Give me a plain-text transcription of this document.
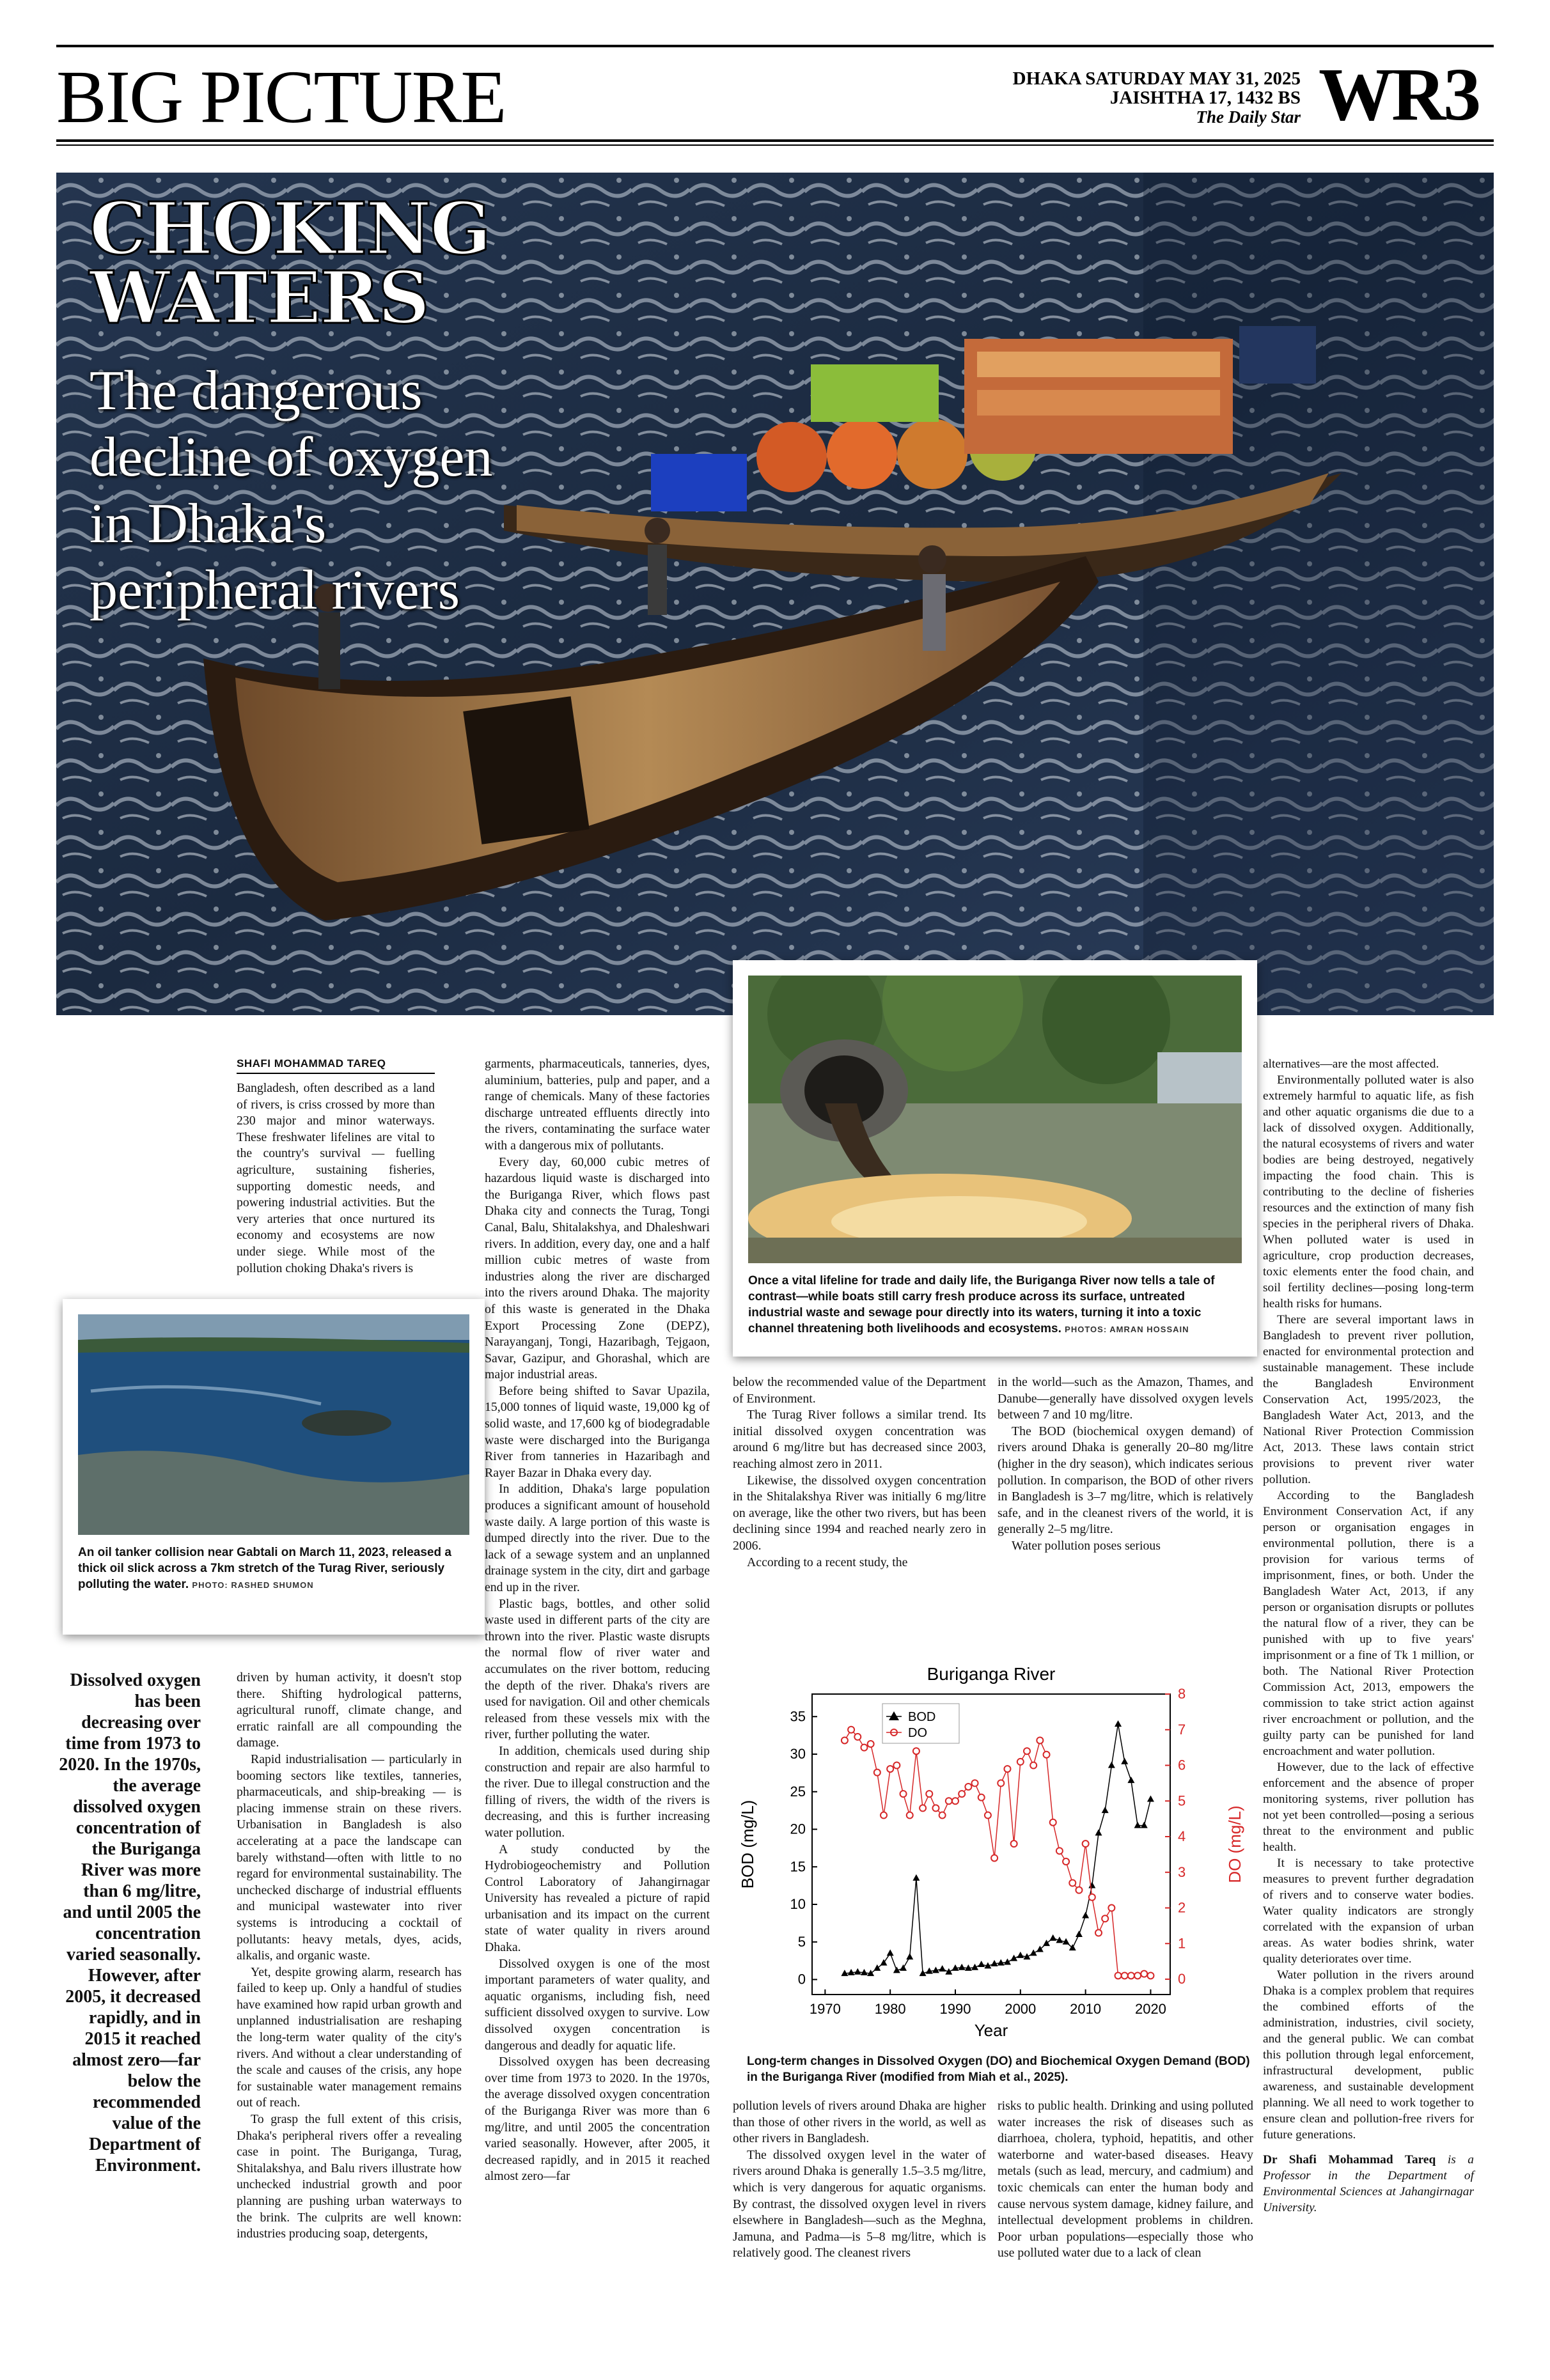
BIG PICTURE	DHAKA SATURDAY MAY 31, 2025
JAISHTHA 17, 1432 BS
The Daily Star WR3
CHOKING
WATERS
The dangerous decline of oxygen in Dhaka's peripheral rivers
Once a vital lifeline for trade and daily life, the Buriganga River now tells a tale of contrast—while boats still carry fresh produce across its surface, untreated industrial waste and sewage pour directly into its waters, turning it into a toxic channel threatening both livelihoods and ecosystems. PHOTOS: AMRAN HOSSAIN
An oil tanker collision near Gabtali on March 11, 2023, released a thick oil slick across a 7km stretch of the Turag River, seriously polluting the water. PHOTO: RASHED SHUMON
SHAFI MOHAMMAD TAREQ

Bangladesh, often described as a land of rivers, is criss crossed by more than 230 major and minor waterways. These freshwater lifelines are vital to the country's survival — fuelling agriculture, sustaining fisheries, supporting domestic needs, and powering industrial activities. But the very arteries that once nurtured its economy and ecosystems are now under siege. While most of the pollution choking Dhaka's rivers is

Dissolved oxygen has been decreasing over time from 1973 to 2020. In the 1970s, the average dissolved oxygen concentration of the Buriganga River was more than 6 mg/litre, and until 2005 the concentration varied seasonally. However, after 2005, it decreased rapidly, and in 2015 it reached almost zero—far below the recommended value of the Department of Environment.

driven by human activity, it doesn't stop there. Shifting hydrological patterns, agricultural runoff, climate change, and erratic rainfall are all compounding the damage.

Rapid industrialisation — particularly in booming sectors like textiles, tanneries, pharmaceuticals, and ship-breaking — is placing immense strain on these rivers. Urbanisation in Bangladesh is also accelerating at a pace the landscape can barely withstand—often with little to no regard for environmental sustainability. The unchecked discharge of industrial effluents and municipal wastewater into river systems is introducing a cocktail of pollutants: heavy metals, dyes, acids, alkalis, and organic waste.

Yet, despite growing alarm, research has failed to keep up. Only a handful of studies have examined how rapid urban growth and unplanned industrialisation are reshaping the long-term water quality of the city's rivers. And without a clear understanding of the scale and causes of the crisis, any hope for sustainable water management remains out of reach.

To grasp the full extent of this crisis, Dhaka's peripheral rivers offer a revealing case in point. The Buriganga, Turag, Shitalakshya, and Balu rivers illustrate how unchecked industrial growth and poor planning are pushing urban waterways to the brink. The culprits are well known: industries producing soap, detergents,

garments, pharmaceuticals, tanneries, dyes, aluminium, batteries, pulp and paper, and a range of chemicals. Many of these factories discharge untreated effluents directly into the rivers, contaminating the surface water with a dangerous mix of pollutants.

Every day, 60,000 cubic metres of hazardous liquid waste is discharged into the Buriganga River, which flows past Dhaka city and connects the Turag, Tongi Canal, Balu, Shitalakshya, and Dhaleshwari rivers. In addition, every day, one and a half million cubic metres of waste from industries along the river are discharged into the rivers around Dhaka. The majority of this waste is generated in the Dhaka Export Processing Zone (DEPZ), Narayanganj, Tongi, Hazaribagh, Tejgaon, Savar, Gazipur, and Ghorashal, which are major industrial areas.

Before being shifted to Savar Upazila, 15,000 tonnes of liquid waste, 19,000 kg of solid waste, and 17,600 kg of biodegradable waste were discharged into the Buriganga River from tanneries in Hazaribagh and Rayer Bazar in Dhaka every day.

In addition, Dhaka's large population produces a significant amount of household waste daily. A large portion of this waste is dumped directly into the river. Due to the lack of a sewage system and an unplanned drainage system in the city, dirt and garbage end up in the river.

Plastic bags, bottles, and other solid waste used in different parts of the city are thrown into the river. Plastic waste disrupts the normal flow of river water and accumulates on the river bottom, reducing the depth of the river. Dhaka's rivers are used for navigation. Oil and other chemicals released from these vessels mix with the river, further polluting the water.

In addition, chemicals used during ship construction and repair are also harmful to the river. Due to illegal construction and the filling of rivers, the width of the rivers is decreasing, and this is further increasing water pollution.

A study conducted by the Hydrobiogeochemistry and Pollution Control Laboratory of Jahangirnagar University has revealed a picture of rapid urbanisation and its impact on the current state of water quality in rivers around Dhaka.

Dissolved oxygen is one of the most important parameters of water quality, and aquatic organisms, including fish, need sufficient dissolved oxygen to survive. Low dissolved oxygen concentration is dangerous and deadly for aquatic life.

Dissolved oxygen has been decreasing over time from 1973 to 2020. In the 1970s, the average dissolved oxygen concentration of the Buriganga River was more than 6 mg/litre, and until 2005 the concentration varied seasonally. However, after 2005, it decreased rapidly, and in 2015 it reached almost zero—far

below the recommended value of the Department of Environment.

The Turag River follows a similar trend. Its initial dissolved oxygen concentration was around 6 mg/litre but has decreased since 2003, reaching almost zero in 2011.

Likewise, the dissolved oxygen concentration in the Shitalakshya River was initially 6 mg/litre on average, like the other two rivers, but has been declining since 1994 and reached nearly zero in 2006.

According to a recent study, the

in the world—such as the Amazon, Thames, and Danube—generally have dissolved oxygen levels between 7 and 10 mg/litre.

The BOD (biochemical oxygen demand) of rivers around Dhaka is generally 20–80 mg/litre (higher in the dry season), which indicates serious pollution. In comparison, the BOD of other rivers in Bangladesh is 3–7 mg/litre, which is relatively safe, and in the cleanest rivers of the world, it is generally 2–5 mg/litre.

Water pollution poses serious

Buriganga River
1970 1980 1990 2000 2010 2020
0
5
10
15
20
25
30
35
0
1
2
3
4
5
6
7
8
Year
BOD (mg/L)	DO (mg/L)
BOD
DO
Long-term changes in Dissolved Oxygen (DO) and Biochemical Oxygen Demand (BOD) in the Buriganga River (modified from Miah et al., 2025).

pollution levels of rivers around Dhaka are higher than those of other rivers in the world, as well as other rivers in Bangladesh.

The dissolved oxygen level in the water of rivers around Dhaka is generally 1.5–3.5 mg/litre, which is very dangerous for aquatic organisms. By contrast, the dissolved oxygen level in rivers elsewhere in Bangladesh—such as the Meghna, Jamuna, and Padma—is 5–8 mg/litre, which is relatively good. The cleanest rivers

risks to public health. Drinking and using polluted water increases the risk of diseases such as diarrhoea, cholera, typhoid, hepatitis, and other waterborne and water-based diseases. Heavy metals (such as lead, mercury, and cadmium) and toxic chemicals can enter the human body and cause nervous system damage, kidney failure, and intellectual development problems in children. Poor urban populations—especially those who use polluted water due to a lack of clean

alternatives—are the most affected.

Environmentally polluted water is also extremely harmful to aquatic life, as fish and other aquatic organisms die due to a lack of dissolved oxygen. Additionally, the natural ecosystems of rivers and water bodies are being destroyed, negatively impacting the food chain. This is contributing to the decline of fisheries resources and the extinction of many fish species in the peripheral rivers of Dhaka. When polluted water is used in agriculture, crop production decreases, toxic elements enter the food chain, and soil fertility declines—posing long-term health risks for humans.

There are several important laws in Bangladesh to prevent river pollution, enacted for environmental protection and sustainable management. These include the Bangladesh Environment Conservation Act, 1995/2023, the Bangladesh Water Act, 2013, and the National River Protection Commission Act, 2013. These laws contain strict provisions to prevent river water pollution.

According to the Bangladesh Environment Conservation Act, if any person or organisation engages in environmental pollution, there is a provision for various terms of imprisonment, fines, or both. Under the Bangladesh Water Act, 2013, if any person or organisation disrupts or pollutes the natural flow of a river, they can be punished with up to five years' imprisonment or a fine of Tk 1 million, or both. The National River Protection Commission Act, 2013, empowers the commission to take strict action against river encroachment or pollution, and the guilty party can be punished for land encroachment and water pollution.

However, due to the lack of effective enforcement and the absence of proper monitoring systems, river pollution has not yet been controlled—posing a serious threat to the environment and public health.

It is necessary to take protective measures to prevent further degradation of rivers and to conserve water bodies. Water quality indicators are strongly correlated with the expansion of urban areas. As water bodies shrink, water quality deteriorates over time.

Water pollution in the rivers around Dhaka is a complex problem that requires the combined efforts of the administration, industries, civil society, and the general public. We can combat this pollution through legal enforcement, infrastructural development, public awareness, and sustainable development planning. We all need to work together to ensure clean and pollution-free rivers for future generations.

Dr Shafi Mohammad Tareq is a Professor in the Department of Environmental Sciences at Jahangirnagar University.
